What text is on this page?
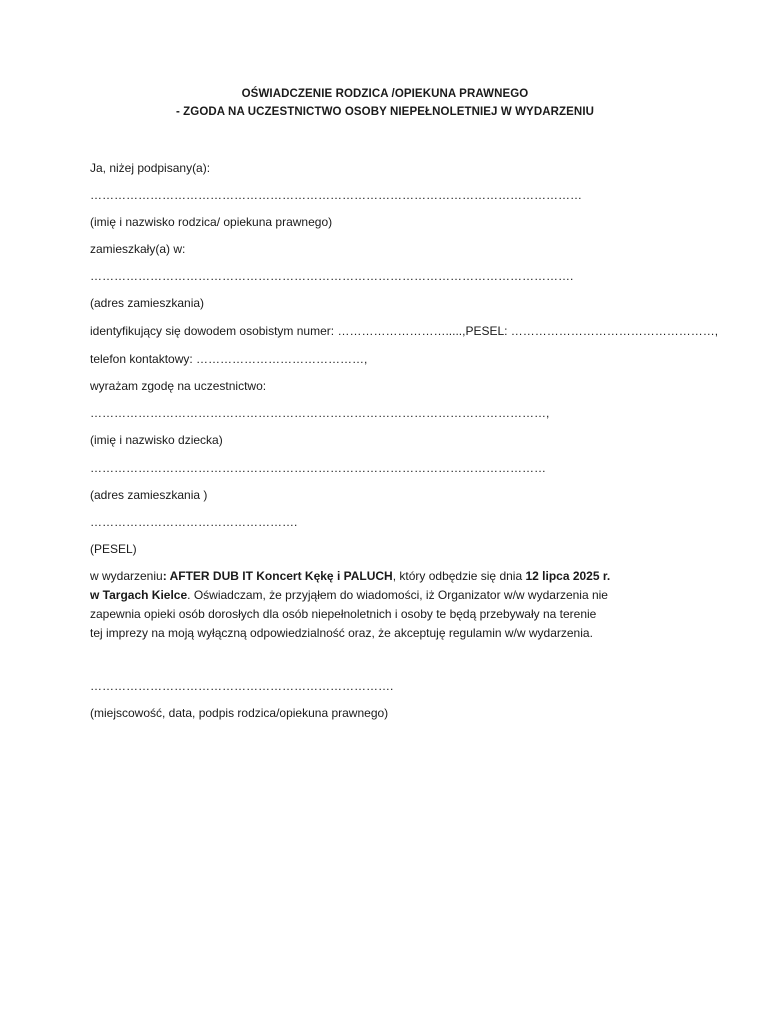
OŚWIADCZENIE RODZICA /OPIEKUNA PRAWNEGO
- ZGODA NA UCZESTNICTWO OSOBY NIEPEŁNOLETNIEJ W WYDARZENIU
Ja, niżej podpisany(a):
……………………………………………………………………………………………………………
(imię i nazwisko rodzica/ opiekuna prawnego)
zamieszkały(a) w:
………………………………………………………………………………………………………….
(adres zamieszkania)
identyfikujący się dowodem osobistym numer: ……………………….....,PESEL: ……………………………………………,
telefon kontaktowy: ……………………………………,
wyrażam zgodę na uczestnictwo:
……………………………………………………………………………………………………,
(imię i nazwisko dziecka)
……………………………………………………………………………………………………
(adres zamieszkania )
…………………………………………….
(PESEL)
w wydarzeniu: AFTER DUB IT Koncert Kękę i PALUCH, który odbędzie się dnia 12 lipca 2025 r.
w Targach Kielce. Oświadczam, że przyjąłem do wiadomości, iż Organizator w/w wydarzenia nie
zapewnia opieki osób dorosłych dla osób niepełnoletnich i osoby te będą przebywały na terenie
tej imprezy na moją wyłączną odpowiedzialność oraz, że akceptuję regulamin w/w wydarzenia.
………………………………………………………………….
(miejscowość, data, podpis rodzica/opiekuna prawnego)
